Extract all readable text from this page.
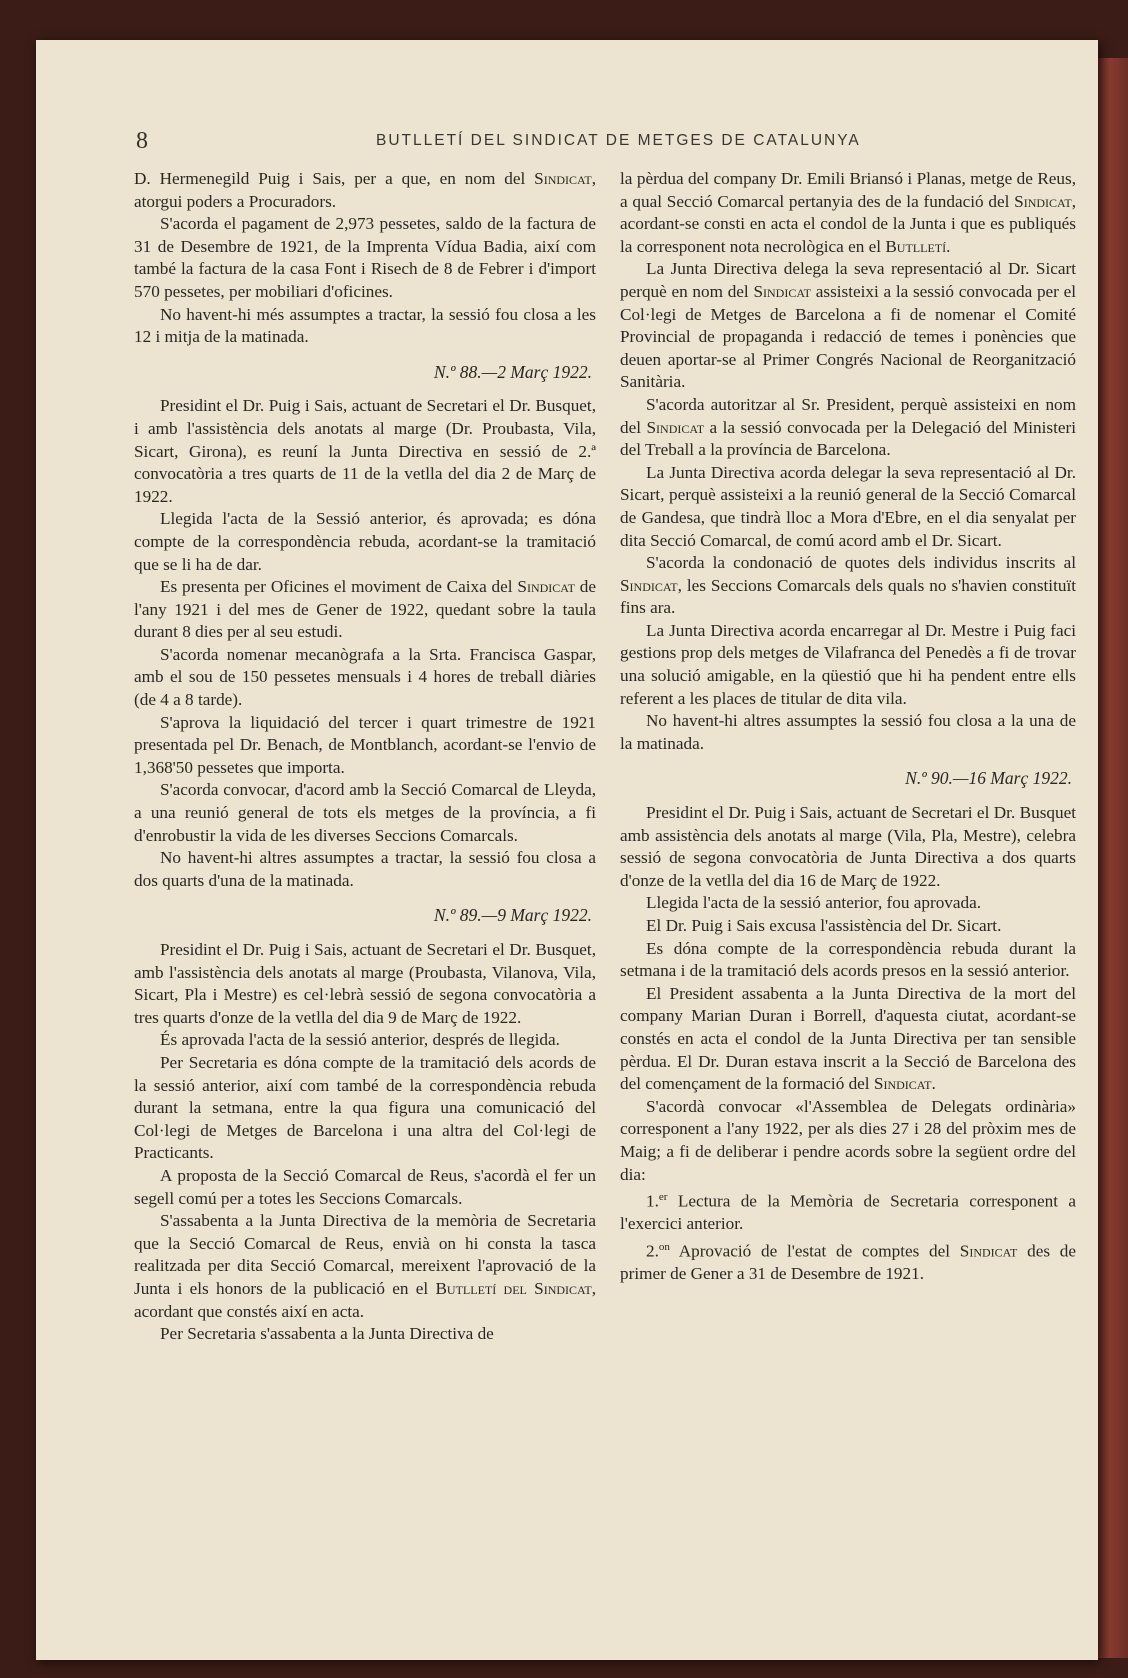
8	BUTLLETÍ DEL SINDICAT DE METGES DE CATALUNYA

D. Hermenegild Puig i Sais, per a que, en nom del Sindicat, atorgui poders a Procuradors.

S'acorda el pagament de 2,973 pessetes, saldo de la factura de 31 de Desembre de 1921, de la Imprenta Vídua Badia, així com també la factura de la casa Font i Risech de 8 de Febrer i d'import 570 pessetes, per mobiliari d'oficines.

No havent-hi més assumptes a tractar, la sessió fou closa a les 12 i mitja de la matinada.

N.º 88.—2 Març 1922.

Presidint el Dr. Puig i Sais, actuant de Secretari el Dr. Busquet, i amb l'assistència dels anotats al marge (Dr. Proubasta, Vila, Sicart, Girona), es reuní la Junta Directiva en sessió de 2.ª convocatòria a tres quarts de 11 de la vetlla del dia 2 de Març de 1922.

Llegida l'acta de la Sessió anterior, és aprovada; es dóna compte de la correspondència rebuda, acordant-se la tramitació que se li ha de dar.

Es presenta per Oficines el moviment de Caixa del Sindicat de l'any 1921 i del mes de Gener de 1922, quedant sobre la taula durant 8 dies per al seu estudi.

S'acorda nomenar mecanògrafa a la Srta. Francisca Gaspar, amb el sou de 150 pessetes mensuals i 4 hores de treball diàries (de 4 a 8 tarde).

S'aprova la liquidació del tercer i quart trimestre de 1921 presentada pel Dr. Benach, de Montblanch, acordant-se l'envio de 1,368'50 pessetes que importa.

S'acorda convocar, d'acord amb la Secció Comarcal de Lleyda, a una reunió general de tots els metges de la província, a fi d'enrobustir la vida de les diverses Seccions Comarcals.

No havent-hi altres assumptes a tractar, la sessió fou closa a dos quarts d'una de la matinada.

N.º 89.—9 Març 1922.

Presidint el Dr. Puig i Sais, actuant de Secretari el Dr. Busquet, amb l'assistència dels anotats al marge (Proubasta, Vilanova, Vila, Sicart, Pla i Mestre) es cel·lebrà sessió de segona convocatòria a tres quarts d'onze de la vetlla del dia 9 de Març de 1922.

És aprovada l'acta de la sessió anterior, després de llegida.

Per Secretaria es dóna compte de la tramitació dels acords de la sessió anterior, així com també de la correspondència rebuda durant la setmana, entre la qua figura una comunicació del Col·legi de Metges de Barcelona i una altra del Col·legi de Practicants.

A proposta de la Secció Comarcal de Reus, s'acordà el fer un segell comú per a totes les Seccions Comarcals.

S'assabenta a la Junta Directiva de la memòria de Secretaria que la Secció Comarcal de Reus, envià on hi consta la tasca realitzada per dita Secció Comarcal, mereixent l'aprovació de la Junta i els honors de la publicació en el Butlletí del Sindicat, acordant que constés així en acta.

Per Secretaria s'assabenta a la Junta Directiva de

la pèrdua del company Dr. Emili Briansó i Planas, metge de Reus, a qual Secció Comarcal pertanyia des de la fundació del Sindicat, acordant-se consti en acta el condol de la Junta i que es publiqués la corresponent nota necrològica en el Butlletí.

La Junta Directiva delega la seva representació al Dr. Sicart perquè en nom del Sindicat assisteixi a la sessió convocada per el Col·legi de Metges de Barcelona a fi de nomenar el Comité Provincial de propaganda i redacció de temes i ponències que deuen aportar-se al Primer Congrés Nacional de Reorganització Sanitària.

S'acorda autoritzar al Sr. President, perquè assisteixi en nom del Sindicat a la sessió convocada per la Delegació del Ministeri del Treball a la província de Barcelona.

La Junta Directiva acorda delegar la seva representació al Dr. Sicart, perquè assisteixi a la reunió general de la Secció Comarcal de Gandesa, que tindrà lloc a Mora d'Ebre, en el dia senyalat per dita Secció Comarcal, de comú acord amb el Dr. Sicart.

S'acorda la condonació de quotes dels individus inscrits al Sindicat, les Seccions Comarcals dels quals no s'havien constituït fins ara.

La Junta Directiva acorda encarregar al Dr. Mestre i Puig faci gestions prop dels metges de Vilafranca del Penedès a fi de trovar una solució amigable, en la qüestió que hi ha pendent entre ells referent a les places de titular de dita vila.

No havent-hi altres assumptes la sessió fou closa a la una de la matinada.

N.º 90.—16 Març 1922.

Presidint el Dr. Puig i Sais, actuant de Secretari el Dr. Busquet amb assistència dels anotats al marge (Vila, Pla, Mestre), celebra sessió de segona convocatòria de Junta Directiva a dos quarts d'onze de la vetlla del dia 16 de Març de 1922.

Llegida l'acta de la sessió anterior, fou aprovada.

El Dr. Puig i Sais excusa l'assistència del Dr. Sicart.

Es dóna compte de la correspondència rebuda durant la setmana i de la tramitació dels acords presos en la sessió anterior.

El President assabenta a la Junta Directiva de la mort del company Marian Duran i Borrell, d'aquesta ciutat, acordant-se constés en acta el condol de la Junta Directiva per tan sensible pèrdua. El Dr. Duran estava inscrit a la Secció de Barcelona des del començament de la formació del Sindicat.

S'acordà convocar «l'Assemblea de Delegats ordinària» corresponent a l'any 1922, per als dies 27 i 28 del pròxim mes de Maig; a fi de deliberar i pendre acords sobre la següent ordre del dia:

1.$^{er}$ Lectura de la Memòria de Secretaria corresponent a l'exercici anterior.

2.$^{on}$ Aprovació de l'estat de comptes del Sindicat des de primer de Gener a 31 de Desembre de 1921.
